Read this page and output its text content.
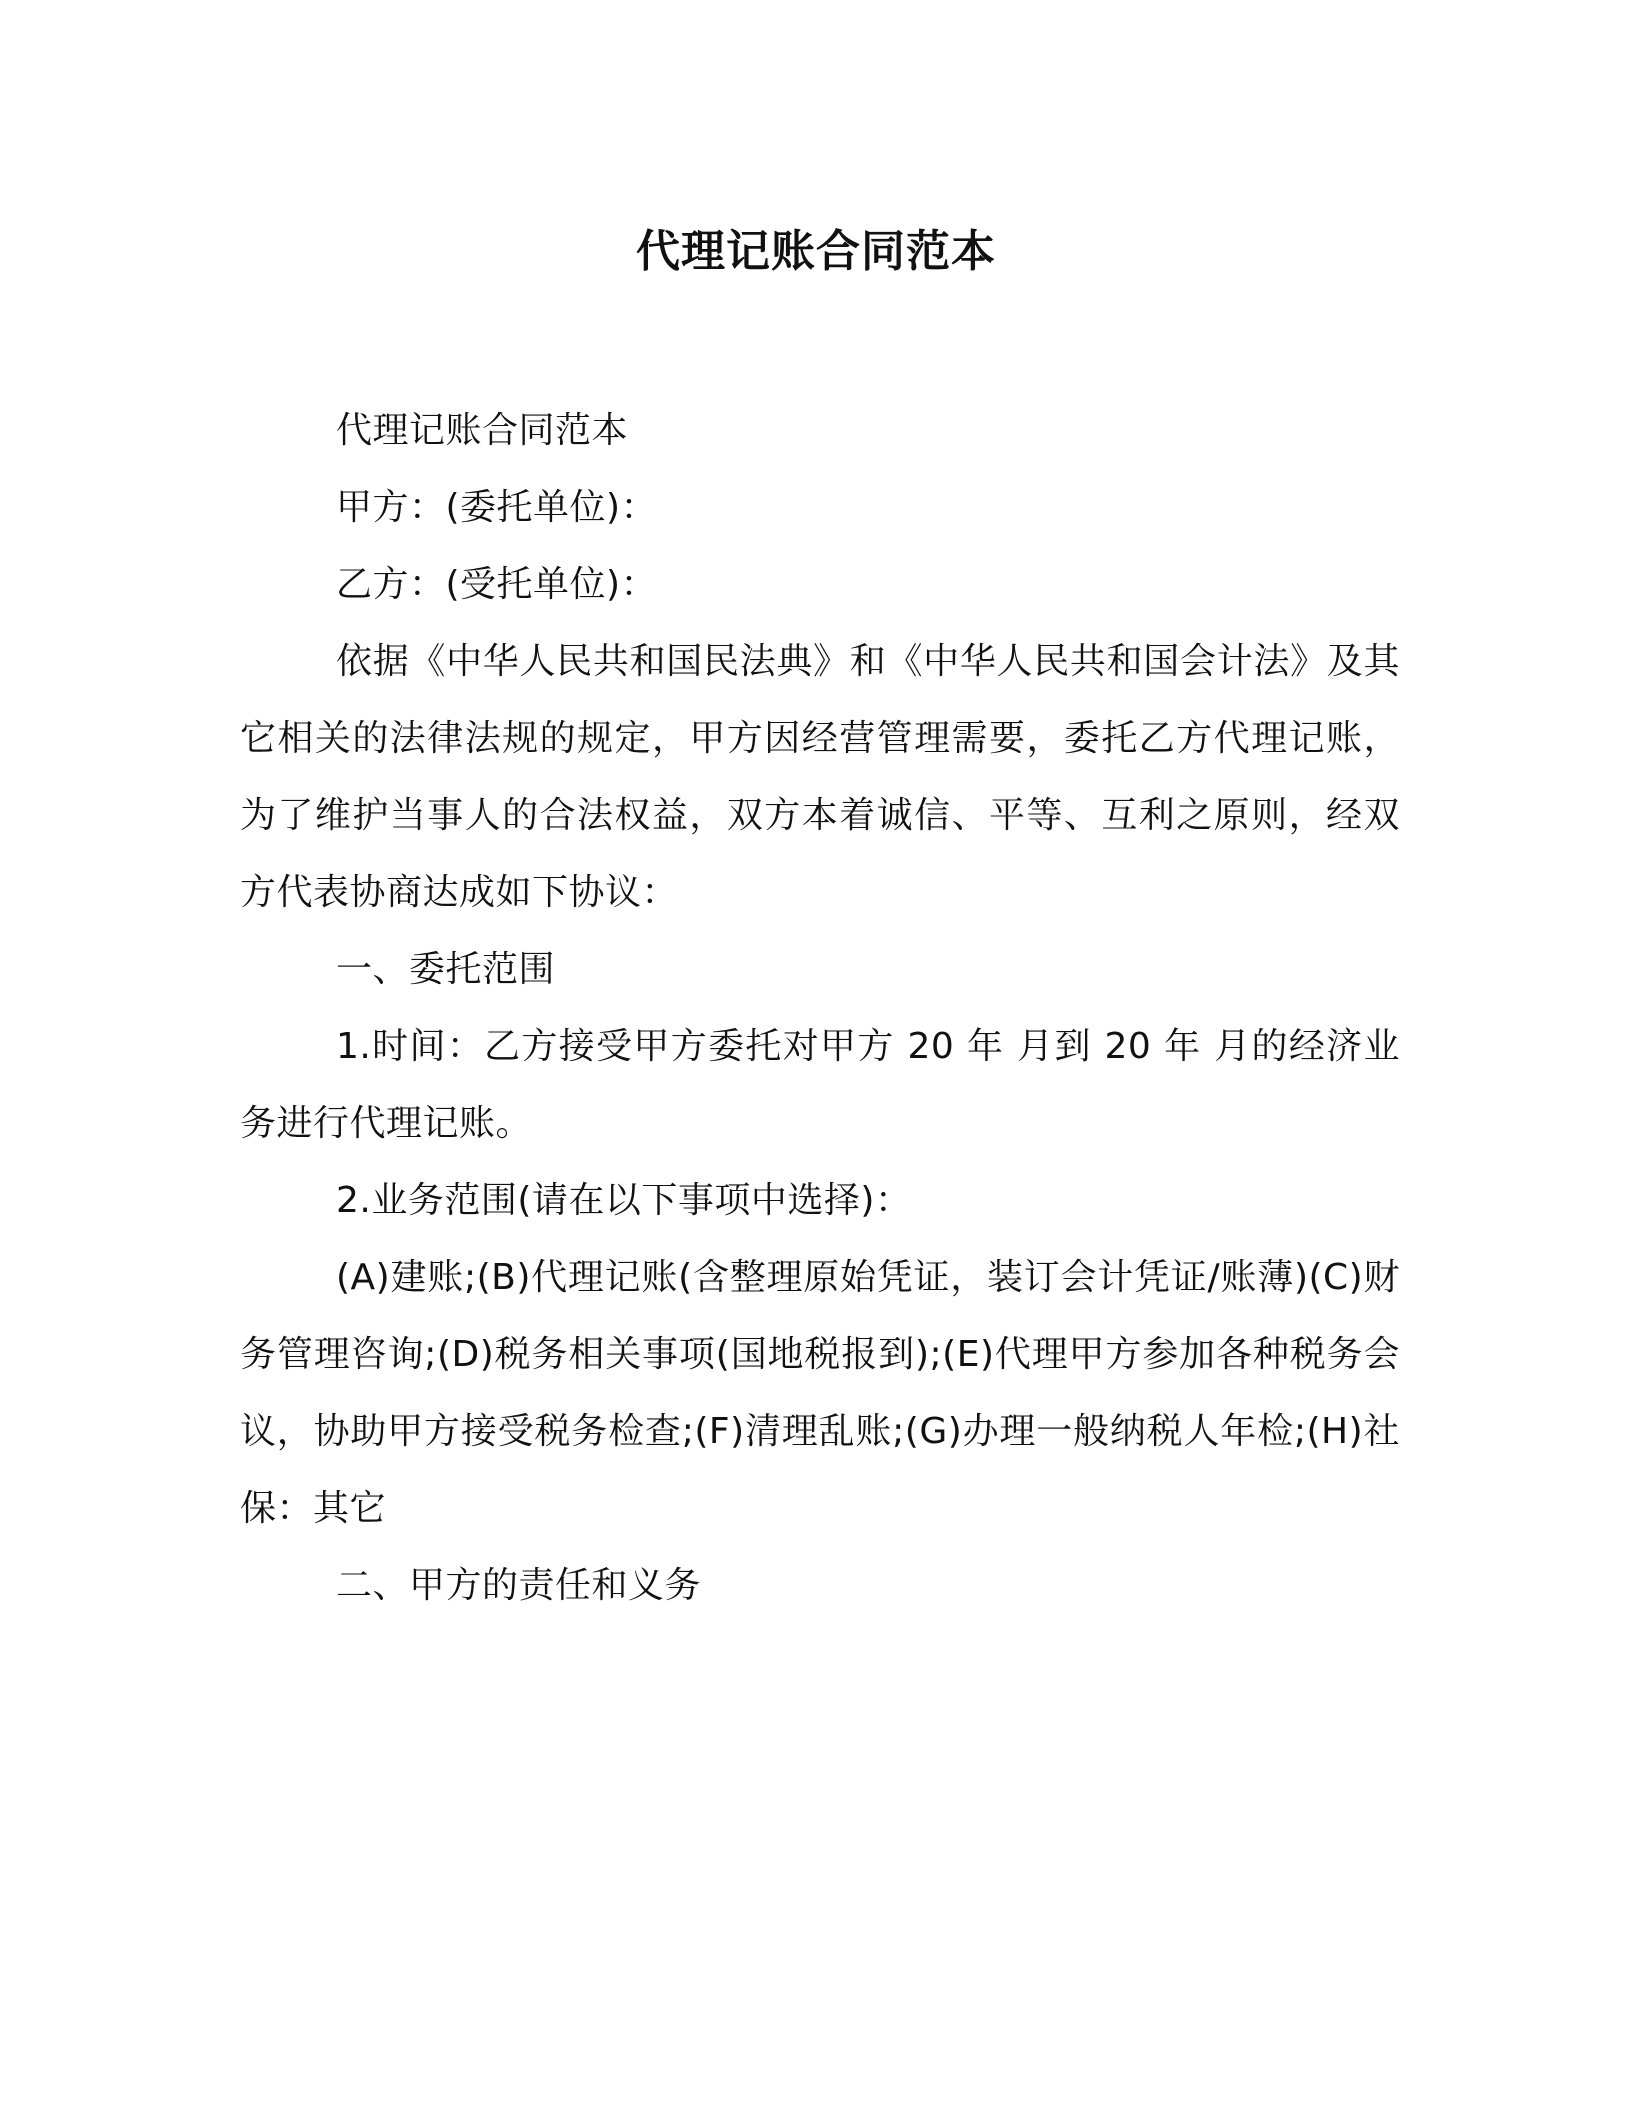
代理记账合同范本

代理记账合同范本

甲方：(委托单位)：

乙方：(受托单位)：

依据《中华人民共和国民法典》和《中华人民共和国会计法》及其它相关的法律法规的规定，甲方因经营管理需要，委托乙方代理记账，为了维护当事人的合法权益，双方本着诚信、平等、互利之原则，经双方代表协商达成如下协议：

一、委托范围

1.时间：乙方接受甲方委托对甲方 20 年 月到 20 年 月的经济业务进行代理记账。

2.业务范围(请在以下事项中选择)：

(A)建账;(B)代理记账(含整理原始凭证，装订会计凭证/账薄)(C)财务管理咨询;(D)税务相关事项(国地税报到);(E)代理甲方参加各种税务会议，协助甲方接受税务检查;(F)清理乱账;(G)办理一般纳税人年检;(H)社保：其它

二、甲方的责任和义务
